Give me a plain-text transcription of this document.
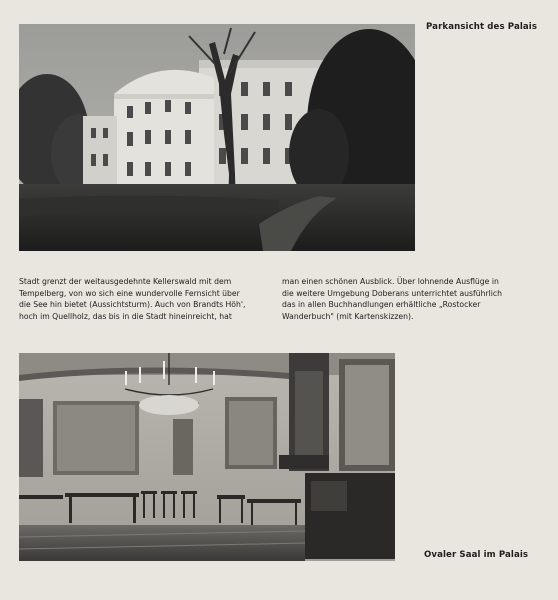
Parkansicht des Palais
Stadt grenzt der weitausgedehnte Kellerswald mit dem
Tempelberg, von wo sich eine wundervolle Fernsicht über
die See hin bietet (Aussichtsturm). Auch von Brandts Höh',
hoch im Quellholz, das bis in die Stadt hineinreicht, hat
man einen schönen Ausblick. Über lohnende Ausflüge in
die weitere Umgebung Doberans unterrichtet ausführlich
das in allen Buchhandlungen erhältliche „Rostocker
Wanderbuch" (mit Kartenskizzen).
Ovaler Saal im Palais
